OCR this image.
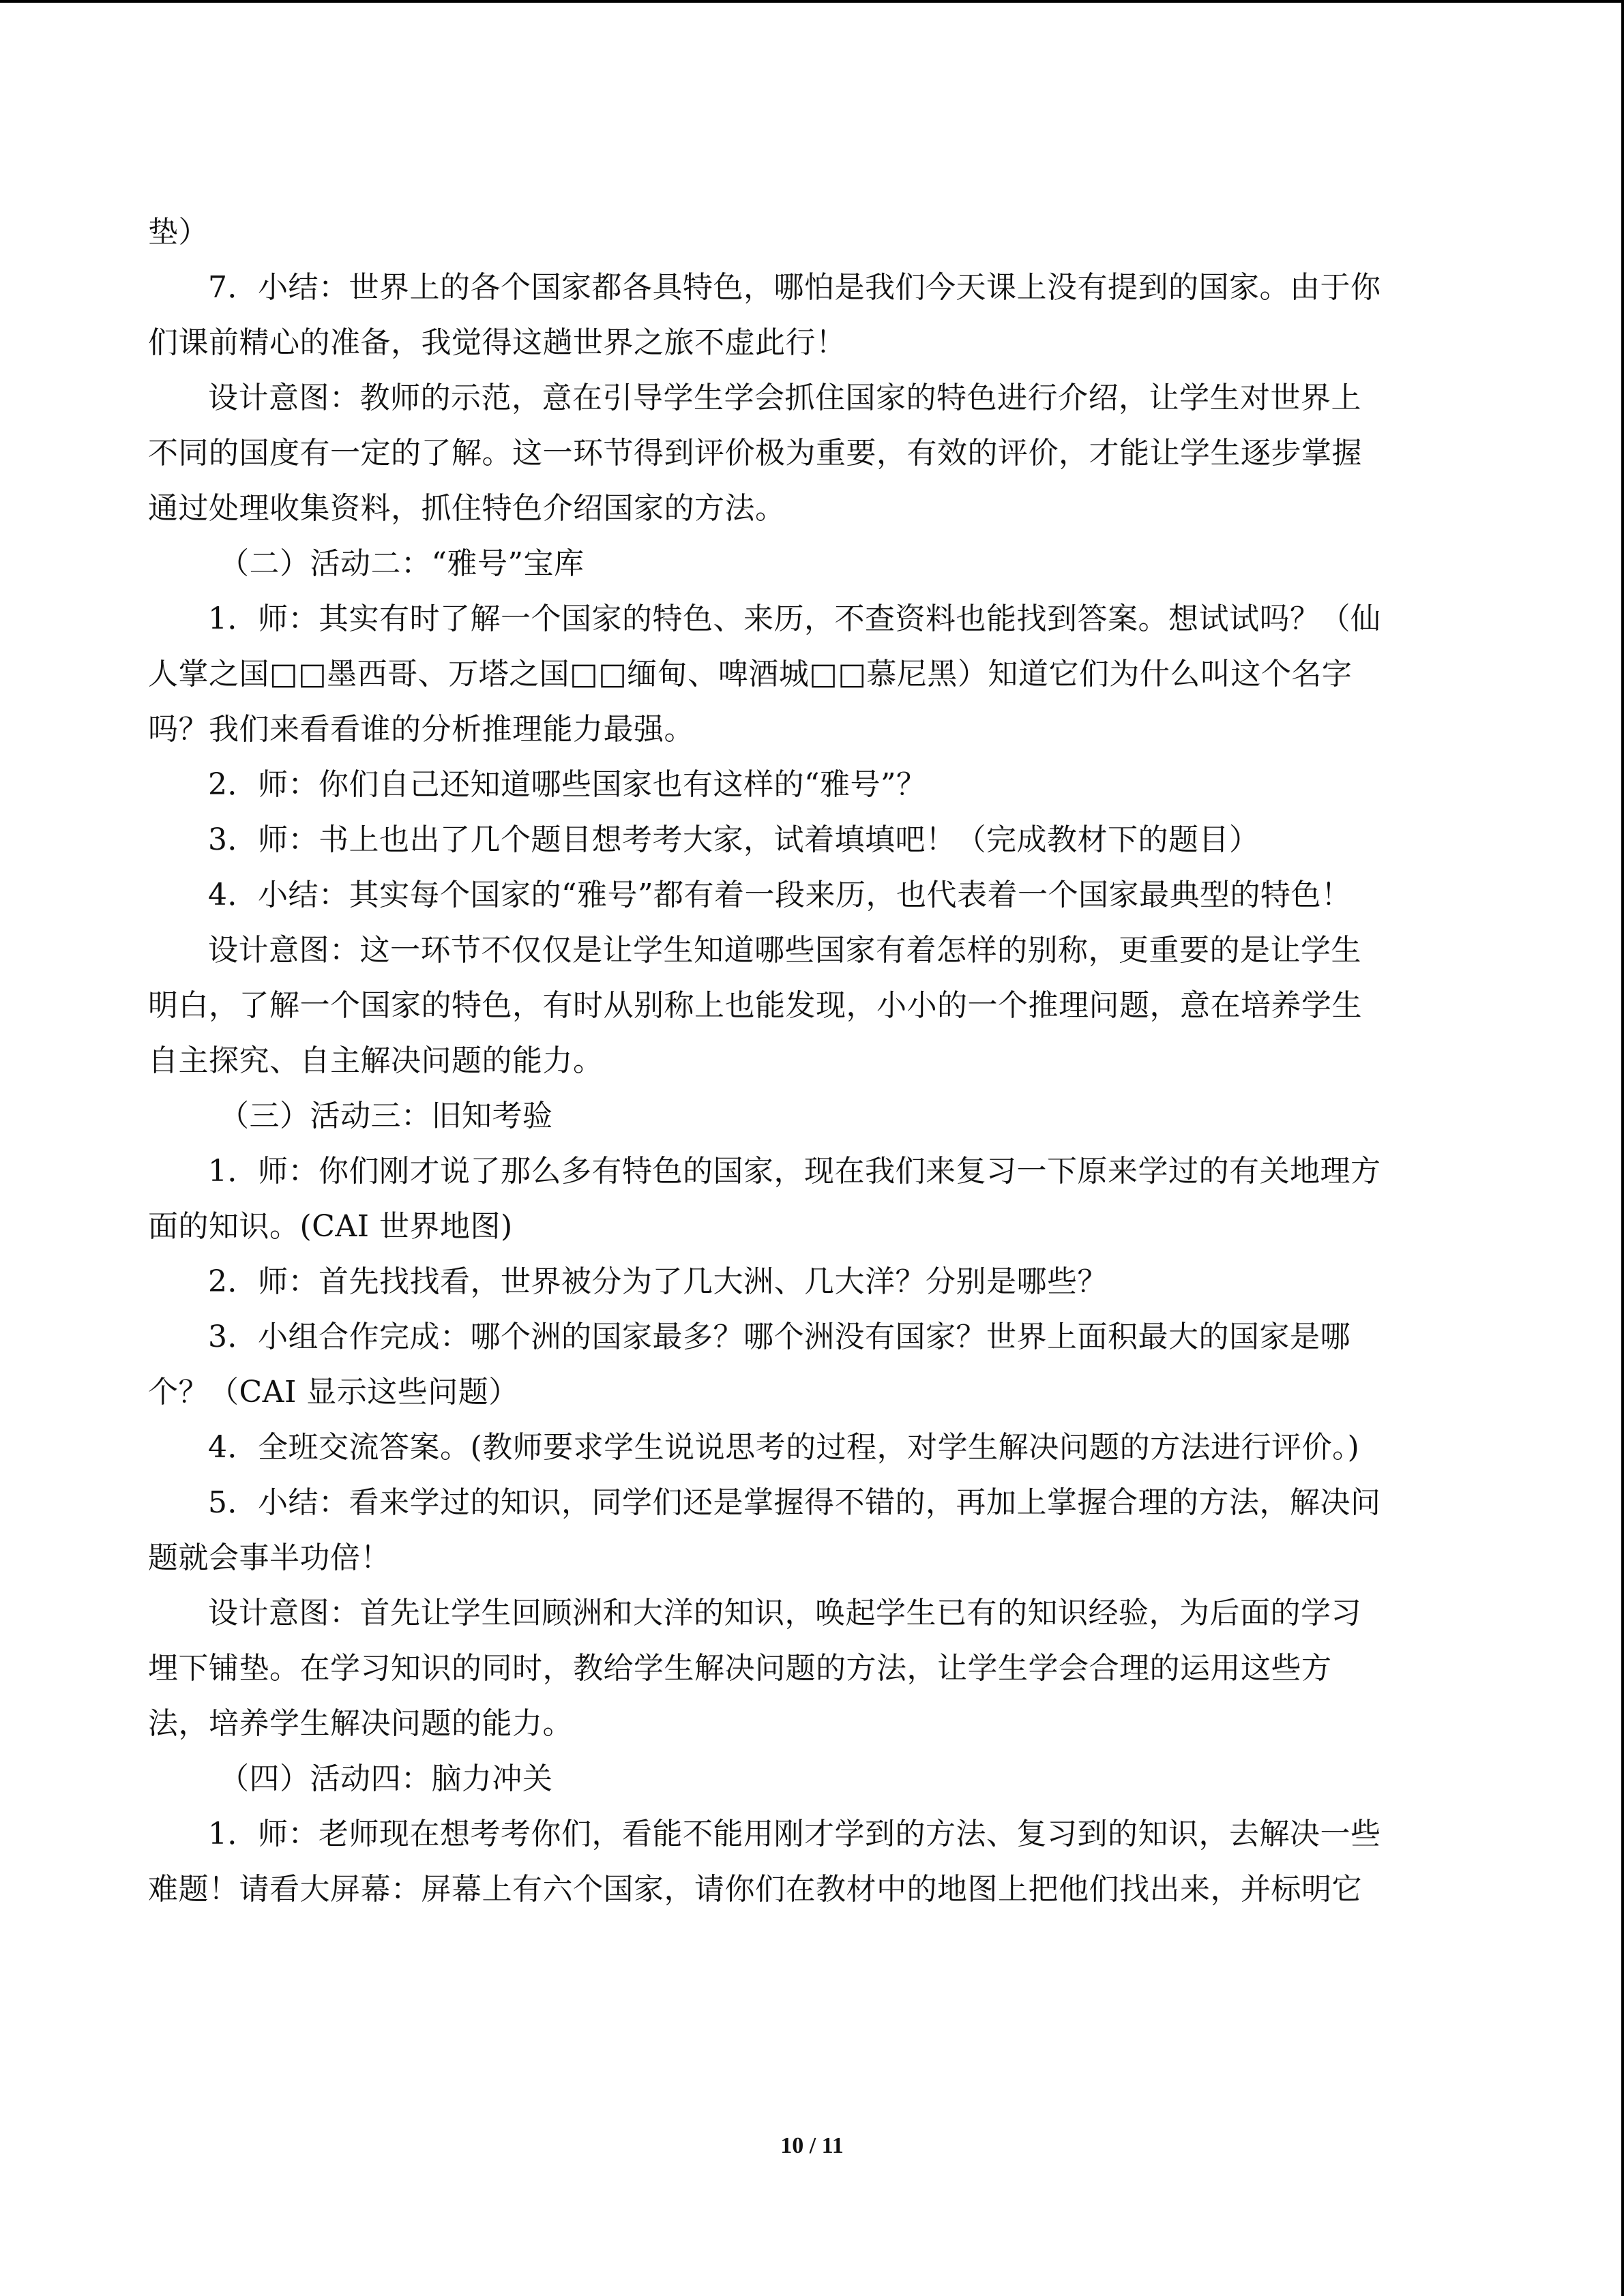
垫）
7．小结：世界上的各个国家都各具特色，哪怕是我们今天课上没有提到的国家。由于你
们课前精心的准备，我觉得这趟世界之旅不虚此行！
设计意图：教师的示范，意在引导学生学会抓住国家的特色进行介绍，让学生对世界上
不同的国度有一定的了解。这一环节得到评价极为重要，有效的评价，才能让学生逐步掌握
通过处理收集资料，抓住特色介绍国家的方法。
（二）活动二：“雅号”宝库
1．师：其实有时了解一个国家的特色、来历，不查资料也能找到答案。想试试吗？（仙
人掌之国□□墨西哥、万塔之国□□缅甸、啤酒城□□慕尼黑）知道它们为什么叫这个名字
吗？我们来看看谁的分析推理能力最强。
2．师：你们自己还知道哪些国家也有这样的“雅号”？
3．师：书上也出了几个题目想考考大家，试着填填吧！（完成教材下的题目）
4．小结：其实每个国家的“雅号”都有着一段来历，也代表着一个国家最典型的特色！
设计意图：这一环节不仅仅是让学生知道哪些国家有着怎样的别称，更重要的是让学生
明白，了解一个国家的特色，有时从别称上也能发现，小小的一个推理问题，意在培养学生
自主探究、自主解决问题的能力。
（三）活动三：旧知考验
1．师：你们刚才说了那么多有特色的国家，现在我们来复习一下原来学过的有关地理方
面的知识。(CAI 世界地图)
2．师：首先找找看，世界被分为了几大洲、几大洋？分别是哪些？
3．小组合作完成：哪个洲的国家最多？哪个洲没有国家？世界上面积最大的国家是哪
个？（CAI 显示这些问题）
4．全班交流答案。(教师要求学生说说思考的过程，对学生解决问题的方法进行评价。)
5．小结：看来学过的知识，同学们还是掌握得不错的，再加上掌握合理的方法，解决问
题就会事半功倍！
设计意图：首先让学生回顾洲和大洋的知识，唤起学生已有的知识经验，为后面的学习
埋下铺垫。在学习知识的同时，教给学生解决问题的方法，让学生学会合理的运用这些方
法，培养学生解决问题的能力。
（四）活动四：脑力冲关
1．师：老师现在想考考你们，看能不能用刚才学到的方法、复习到的知识，去解决一些
难题！请看大屏幕：屏幕上有六个国家，请你们在教材中的地图上把他们找出来，并标明它
10 / 11
